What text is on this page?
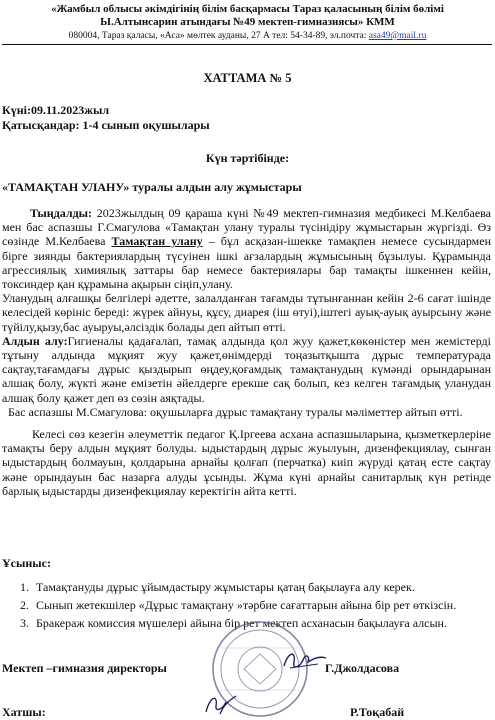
«Жамбыл облысы әкімдігінің білім басқармасы Тараз қаласының білім бөлімі
Ы.Алтынсарин атындағы №49 мектеп-гимназиясы» КММ
080004, Тараз қаласы, «Аса» мөлтек ауданы, 27 А тел: 54-34-89, эл.почта: asa49@mail.ru
ХАТТАМА № 5
Күні:09.11.2023жыл
Қатысқандар: 1-4 сынып оқушылары
Күн тәртібінде:
«ТАМАҚТАН УЛАНУ» туралы алдын алу жұмыстары

Тыңдалды: 2023жылдың 09 қараша күні №49 мектеп-гимназия медбикесі М.Келбаева мен бас аспазшы Г.Смагулова «Тамақтан улану туралы түсінідіру жұмыстарын жүргізді. Өз сөзінде М.Келбаева Тамақтан улану – бұл асқазан-ішекке тамақпен немесе сусындармен бірге зиянды бактериялардың түсуінен ішкі ағзалардың жұмысының бұзылуы. Құрамында агрессиялық химиялық заттары бар немесе бактериялары бар тамақты ішкеннен кейін, токсиндер қан құрамына ақырын сіңіп,улану.

Уланудың алғашқы белгілері әдетте, залалданған тағамды тұтынғаннан кейін 2-6 сағат ішінде келесідей көрініс береді: жүрек айнуы, құсу, диарея (іш өтуі),іштегі ауық-ауық ауырсыну және түйілу,қызу,бас ауыруы,әлсіздік болады деп айтып өтті.

Алдын алу:Гигиеналы қадағалап, тамақ алдында қол жуу қажет,көкөністер мен жемістерді тұтыну алдында мұқият жуу қажет,өнімдерді тоңазытқышта дұрыс температурада сақтау,тағамдағы дұрыс қыздырып өңдеу,қоғамдық тамақтанудың күмәнді орындарынан алшақ болу, жүкті және емізетін әйелдерге ерекше сақ болып, кез келген тағамдық уланудан алшақ болу қажет деп өз сөзін аяқтады.

Бас аспазшы М.Смагулова: оқушыларға дұрыс тамақтану туралы мәліметтер айтып өтті.

Келесі сөз кезегін әлеуметтік педагог Қ.Іргеева асхана аспазшыларына, қызметкерлеріне тамақты беру алдын мұқият болуды. ыдыстардың дұрыс жуылуын, дизенфекциялау, сынған ыдыстардың болмауын, қолдарына арнайы қолғап (перчатка) киіп жүруді қатаң есте сақтау және орындауын бас назарға алуды ұсынды. Жұма күні арнайы санитарлық күн ретінде барлық ыдыстарды дизенфекциялау керектігін айта кетті.

Ұсыныс:
1. Тамақтануды дұрыс ұйымдастыру жұмыстары қатаң бақылауға алу керек.
2. Сынып жетекшілер «Дұрыс тамақтану »тәрбие сағаттарын айына бір рет өткізсін.
3. Бракераж комиссия мүшелері айына бір рет мектеп асханасын бақылауға алсын.
Мектеп –гимназия директоры	Г.Джолдасова
Хатшы:	Р.Тоқабай
